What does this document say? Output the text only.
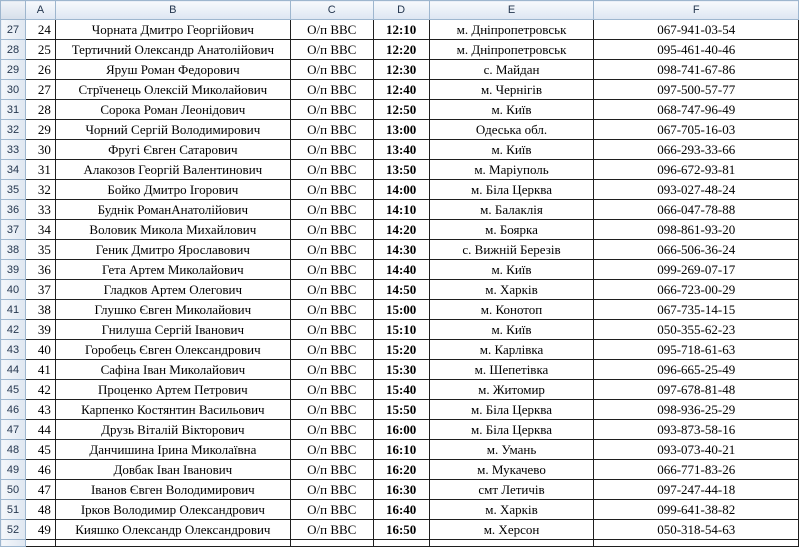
	A	B	C	D	E	F
27	24	Чорната Дмитро Георгійович	О/п ВВС	12:10	м. Дніпропетровськ	067-941-03-54
28	25	Тертичний Олександр Анатолійович	О/п ВВС	12:20	м. Дніпропетровськ	095-461-40-46
29	26	Яруш Роман Федорович	О/п ВВС	12:30	с. Майдан	098-741-67-86
30	27	Стрїченець Олексій Миколайович	О/п ВВС	12:40	м. Чернігів	097-500-57-77
31	28	Сорока Роман Леонідович	О/п ВВС	12:50	м. Київ	068-747-96-49
32	29	Чорний Сергій Володимирович	О/п ВВС	13:00	Одеська обл.	067-705-16-03
33	30	Фругі Євген Сатарович	О/п ВВС	13:40	м. Київ	066-293-33-66
34	31	Алакозов Георгій Валентинович	О/п ВВС	13:50	м. Маріуполь	096-672-93-81
35	32	Бойко Дмитро Ігорович	О/п ВВС	14:00	м. Біла Церква	093-027-48-24
36	33	Буднік РоманАнатолійович	О/п ВВС	14:10	м. Балаклія	066-047-78-88
37	34	Воловик Микола Михайлович	О/п ВВС	14:20	м. Боярка	098-861-93-20
38	35	Геник Дмитро Ярославович	О/п ВВС	14:30	с. Вижній Березів	066-506-36-24
39	36	Гета Артем Миколайович	О/п ВВС	14:40	м. Київ	099-269-07-17
40	37	Гладков Артем Олегович	О/п ВВС	14:50	м. Харків	066-723-00-29
41	38	Глушко Євген Миколайович	О/п ВВС	15:00	м. Конотоп	067-735-14-15
42	39	Гнилуша Сергій Іванович	О/п ВВС	15:10	м. Київ	050-355-62-23
43	40	Горобець Євген Олександрович	О/п ВВС	15:20	м. Карлівка	095-718-61-63
44	41	Сафіна Іван Миколайович	О/п ВВС	15:30	м. Шепетівка	096-665-25-49
45	42	Проценко Артем Петрович	О/п ВВС	15:40	м. Житомир	097-678-81-48
46	43	Карпенко Костянтин Васильович	О/п ВВС	15:50	м. Біла Церква	098-936-25-29
47	44	Друзь Віталій Вікторович	О/п ВВС	16:00	м. Біла Церква	093-873-58-16
48	45	Данчишина Ірина Миколаївна	О/п ВВС	16:10	м. Умань	093-073-40-21
49	46	Довбак Іван Іванович	О/п ВВС	16:20	м. Мукачево	066-771-83-26
50	47	Іванов Євген Володимирович	О/п ВВС	16:30	смт Летичів	097-247-44-18
51	48	Ірков Володимир Олександрович	О/п ВВС	16:40	м. Харків	099-641-38-82
52	49	Кияшко Олександр Олександрович	О/п ВВС	16:50	м. Херсон	050-318-54-63
